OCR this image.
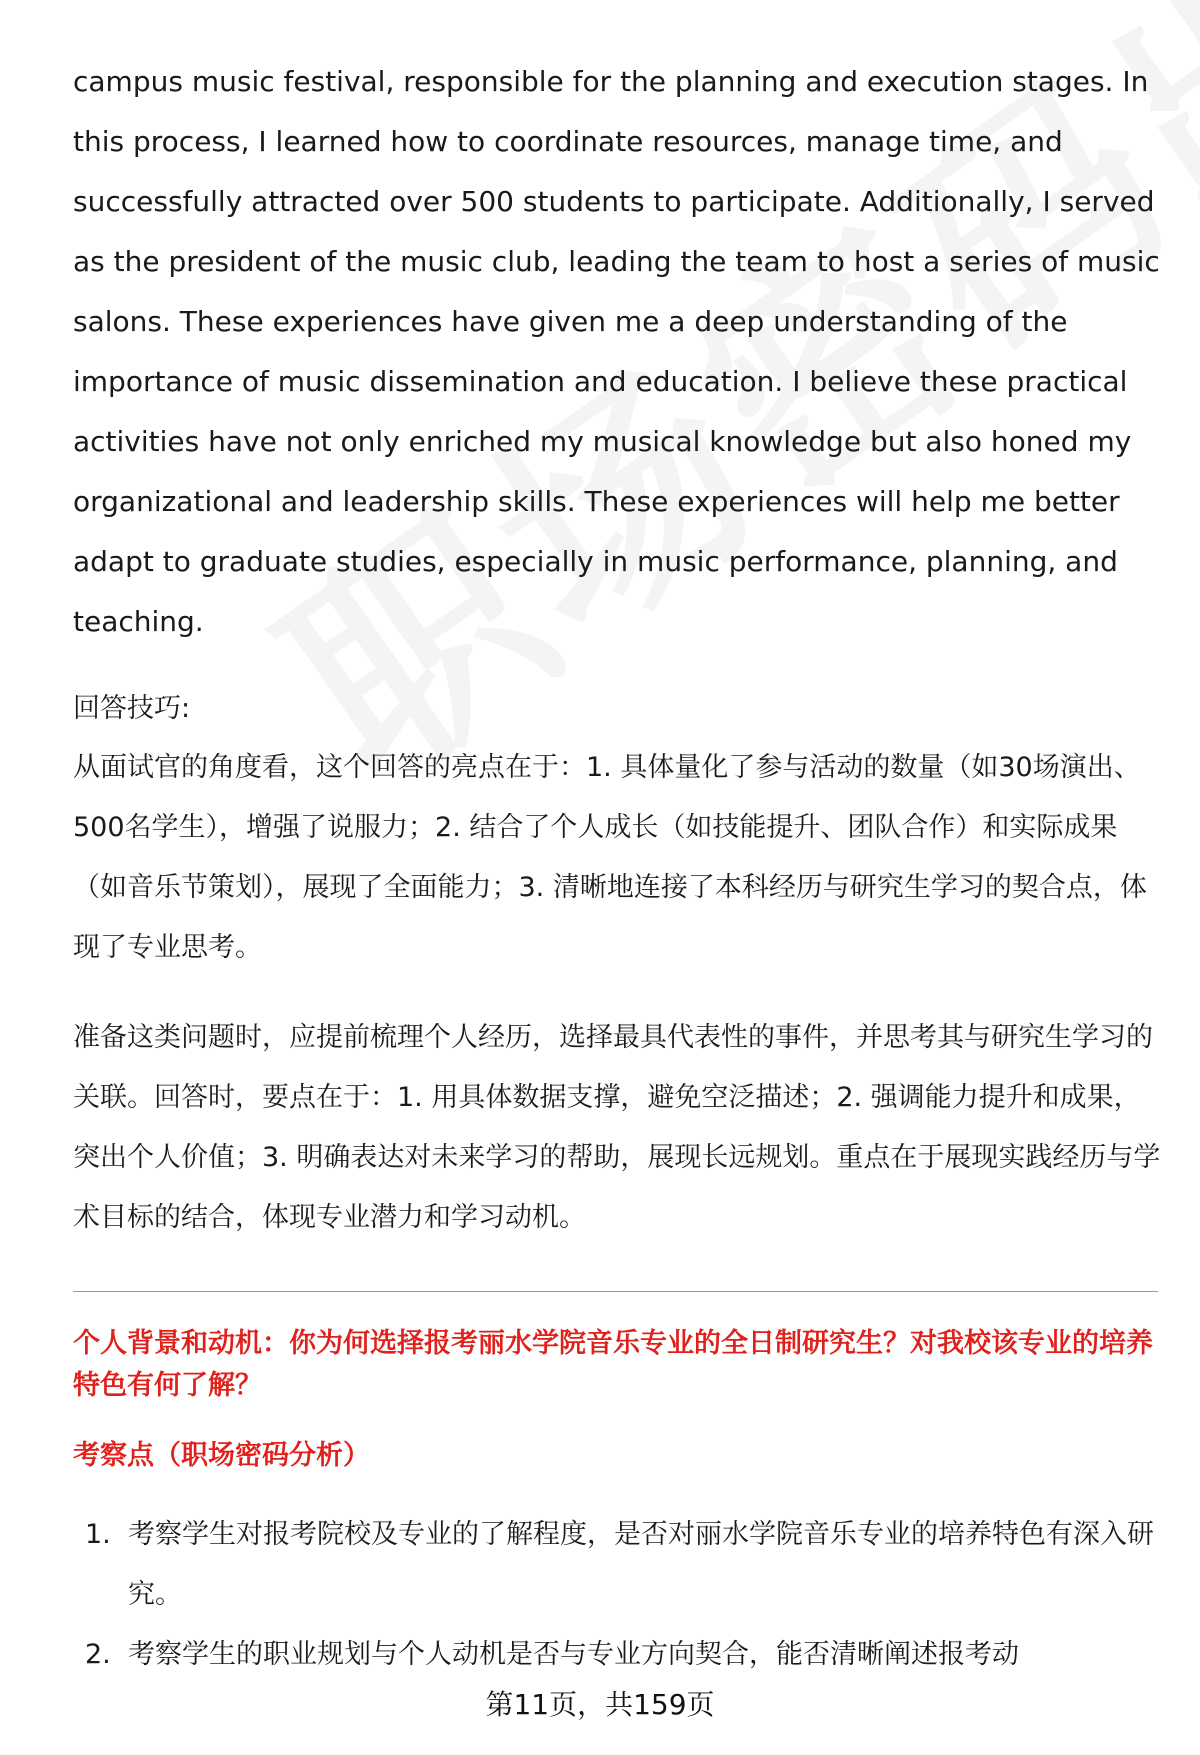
campus music festival, responsible for the planning and execution stages. In this process, I learned how to coordinate resources, manage time, and successfully attracted over 500 students to participate. Additionally, I served as the president of the music club, leading the team to host a series of music salons. These experiences have given me a deep understanding of the importance of music dissemination and education. I believe these practical activities have not only enriched my musical knowledge but also honed my organizational and leadership skills. These experiences will help me better adapt to graduate studies, especially in music performance, planning, and teaching.

回答技巧:

从面试官的角度看，这个回答的亮点在于：1. 具体量化了参与活动的数量（如30场演出、500名学生），增强了说服力；2. 结合了个人成长（如技能提升、团队合作）和实际成果（如音乐节策划），展现了全面能力；3. 清晰地连接了本科经历与研究生学习的契合点，体现了专业思考。

准备这类问题时，应提前梳理个人经历，选择最具代表性的事件，并思考其与研究生学习的关联。回答时，要点在于：1. 用具体数据支撑，避免空泛描述；2. 强调能力提升和成果，突出个人价值；3. 明确表达对未来学习的帮助，展现长远规划。重点在于展现实践经历与学术目标的结合，体现专业潜力和学习动机。

个人背景和动机：你为何选择报考丽水学院音乐专业的全日制研究生？对我校该专业的培养特色有何了解？

考察点（职场密码分析）

1. 考察学生对报考院校及专业的了解程度，是否对丽水学院音乐专业的培养特色有深入研究。
2. 考察学生的职业规划与个人动机是否与专业方向契合，能否清晰阐述报考动
第11页，共159页
